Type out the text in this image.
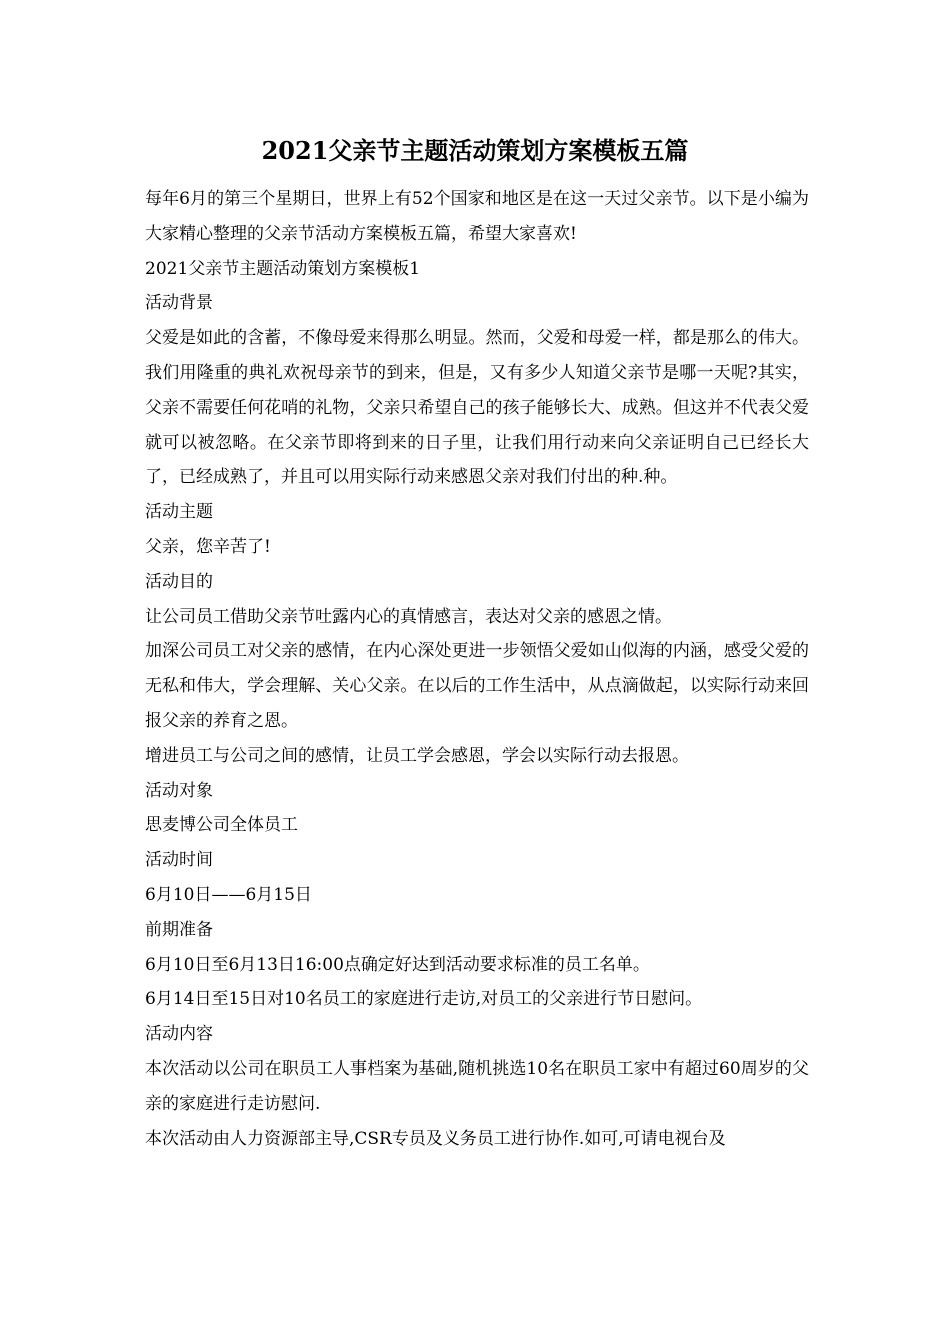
2021父亲节主题活动策划方案模板五篇

每年6月的第三个星期日，世界上有52个国家和地区是在这一天过父亲节。以下是小编为大家精心整理的父亲节活动方案模板五篇，希望大家喜欢!

2021父亲节主题活动策划方案模板1

活动背景

父爱是如此的含蓄，不像母爱来得那么明显。然而，父爱和母爱一样，都是那么的伟大。我们用隆重的典礼欢祝母亲节的到来，但是，又有多少人知道父亲节是哪一天呢?其实，父亲不需要任何花哨的礼物，父亲只希望自己的孩子能够长大、成熟。但这并不代表父爱就可以被忽略。在父亲节即将到来的日子里，让我们用行动来向父亲证明自己已经长大了，已经成熟了，并且可以用实际行动来感恩父亲对我们付出的种.种。

活动主题

父亲，您辛苦了!

活动目的

让公司员工借助父亲节吐露内心的真情感言，表达对父亲的感恩之情。

加深公司员工对父亲的感情，在内心深处更进一步领悟父爱如山似海的内涵，感受父爱的无私和伟大，学会理解、关心父亲。在以后的工作生活中，从点滴做起，以实际行动来回报父亲的养育之恩。

增进员工与公司之间的感情，让员工学会感恩，学会以实际行动去报恩。

活动对象

思麦博公司全体员工

活动时间

6月10日——6月15日

前期准备

6月10日至6月13日16:00点确定好达到活动要求标准的员工名单。

6月14日至15日对10名员工的家庭进行走访,对员工的父亲进行节日慰问。

活动内容

本次活动以公司在职员工人事档案为基础,随机挑选10名在职员工家中有超过60周岁的父亲的家庭进行走访慰问.

本次活动由人力资源部主导,CSR专员及义务员工进行协作.如可,可请电视台及
